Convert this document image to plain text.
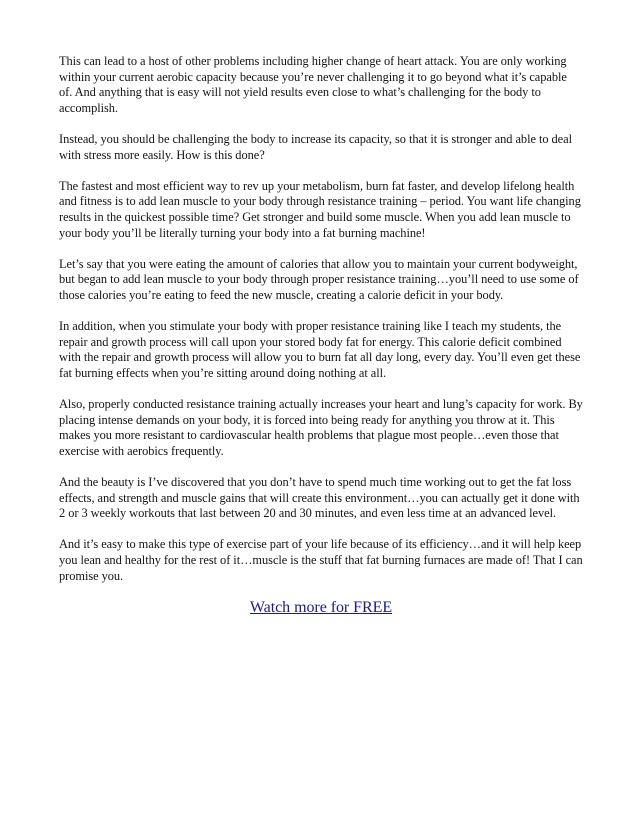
This can lead to a host of other problems including higher change of heart attack. You are only working within your current aerobic capacity because you’re never challenging it to go beyond what it’s capable of. And anything that is easy will not yield results even close to what’s challenging for the body to accomplish.

Instead, you should be challenging the body to increase its capacity, so that it is stronger and able to deal with stress more easily. How is this done?

The fastest and most efficient way to rev up your metabolism, burn fat faster, and develop lifelong health and fitness is to add lean muscle to your body through resistance training – period. You want life changing results in the quickest possible time? Get stronger and build some muscle. When you add lean muscle to your body you’ll be literally turning your body into a fat burning machine!

Let’s say that you were eating the amount of calories that allow you to maintain your current bodyweight, but began to add lean muscle to your body through proper resistance training…you’ll need to use some of those calories you’re eating to feed the new muscle, creating a calorie deficit in your body.

In addition, when you stimulate your body with proper resistance training like I teach my students, the repair and growth process will call upon your stored body fat for energy. This calorie deficit combined with the repair and growth process will allow you to burn fat all day long, every day. You’ll even get these fat burning effects when you’re sitting around doing nothing at all.

Also, properly conducted resistance training actually increases your heart and lung’s capacity for work. By placing intense demands on your body, it is forced into being ready for anything you throw at it. This makes you more resistant to cardiovascular health problems that plague most people…even those that exercise with aerobics frequently.

And the beauty is I’ve discovered that you don’t have to spend much time working out to get the fat loss effects, and strength and muscle gains that will create this environment…you can actually get it done with 2 or 3 weekly workouts that last between 20 and 30 minutes, and even less time at an advanced level.

And it’s easy to make this type of exercise part of your life because of its efficiency…and it will help keep you lean and healthy for the rest of it…muscle is the stuff that fat burning furnaces are made of! That I can promise you.

Watch more for FREE
